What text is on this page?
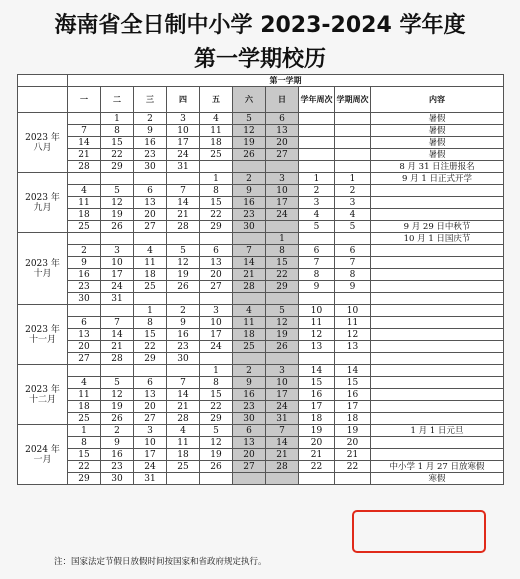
海南省全日制中小学 2023-2024 学年度
第一学期校历
	第一学期									
	一	二	三	四	五	六	日	学年周次	学期周次	内容

2023 年
八月		1	2	3	4	5	6			暑假
	7	8	9	10	11	12	13			暑假
	14	15	16	17	18	19	20			暑假
	21	22	23	24	25	26	27			暑假
	28	29	30	31						8 月 31 日注册报名

2023 年
九月					1	2	3	1	1	9 月 1 日正式开学
	4	5	6	7	8	9	10	2	2	
	11	12	13	14	15	16	17	3	3	
	18	19	20	21	22	23	24	4	4	
	25	26	27	28	29	30		5	5	9 月 29 日中秋节

2023 年
十月							1			10 月 1 日国庆节
	2	3	4	5	6	7	8	6	6	
	9	10	11	12	13	14	15	7	7	
	16	17	18	19	20	21	22	8	8	
	23	24	25	26	27	28	29	9	9	
	30	31								

2023 年
十一月			1	2	3	4	5	10	10	
	6	7	8	9	10	11	12	11	11	
	13	14	15	16	17	18	19	12	12	
	20	21	22	23	24	25	26	13	13	
	27	28	29	30						

2023 年
十二月					1	2	3	14	14	
	4	5	6	7	8	9	10	15	15	
	11	12	13	14	15	16	17	16	16	
	18	19	20	21	22	23	24	17	17	
	25	26	27	28	29	30	31	18	18	

2024 年
一月	1	2	3	4	5	6	7	19	19	1 月 1 日元旦
	8	9	10	11	12	13	14	20	20	
	15	16	17	18	19	20	21	21	21	
	22	23	24	25	26	27	28	22	22	中小学 1 月 27 日放寒假
	29	30	31							寒假
注：国家法定节假日放假时间按国家和省政府规定执行。
